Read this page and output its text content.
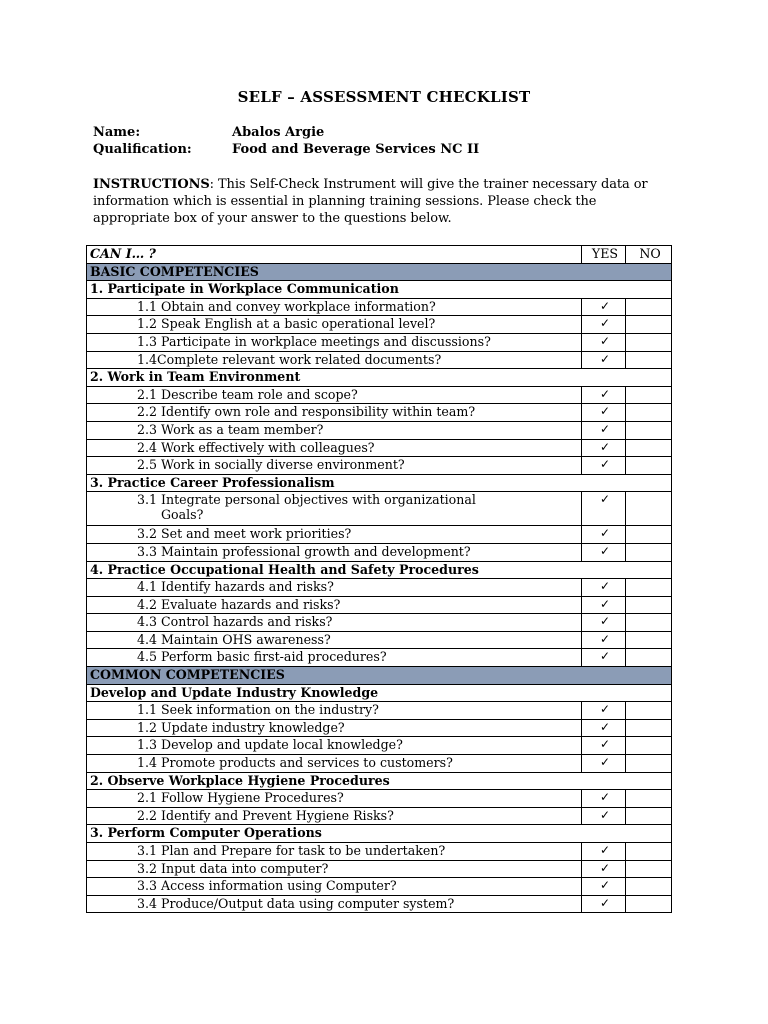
SELF – ASSESSMENT CHECKLIST
Name:	Abalos Argie
Qualification:	Food and Beverage Services NC II
INSTRUCTIONS: This Self-Check Instrument will give the trainer necessary data or information which is essential in planning training sessions. Please check the appropriate box of your answer to the questions below.
CAN I… ?	YES	NO
BASIC COMPETENCIES		
1. Participate in Workplace Communication		
1.1 Obtain and convey workplace information?	✓	
1.2 Speak English at a basic operational level?	✓	
1.3 Participate in workplace meetings and discussions?	✓	
1.4Complete relevant work related documents?	✓	
2. Work in Team Environment		
2.1 Describe team role and scope?	✓	
2.2 Identify own role and responsibility within team?	✓	
2.3 Work as a team member?	✓	
2.4 Work effectively with colleagues?	✓	
2.5 Work in socially diverse environment?	✓	
3. Practice Career Professionalism		
3.1 Integrate personal objectives with organizational
Goals?	✓	
3.2 Set and meet work priorities?	✓	
3.3 Maintain professional growth and development?	✓	
4. Practice Occupational Health and Safety Procedures		
4.1 Identify hazards and risks?	✓	
4.2 Evaluate hazards and risks?	✓	
4.3 Control hazards and risks?	✓	
4.4 Maintain OHS awareness?	✓	
4.5 Perform basic first-aid procedures?	✓	
COMMON COMPETENCIES		
Develop and Update Industry Knowledge		
1.1 Seek information on the industry?	✓	
1.2 Update industry knowledge?	✓	
1.3 Develop and update local knowledge?	✓	
1.4 Promote products and services to customers?	✓	
2. Observe Workplace Hygiene Procedures		
2.1 Follow Hygiene Procedures?	✓	
2.2 Identify and Prevent Hygiene Risks?	✓	
3. Perform Computer Operations		
3.1 Plan and Prepare for task to be undertaken?	✓	
3.2 Input data into computer?	✓	
3.3 Access information using Computer?	✓	
3.4 Produce/Output data using computer system?	✓	
